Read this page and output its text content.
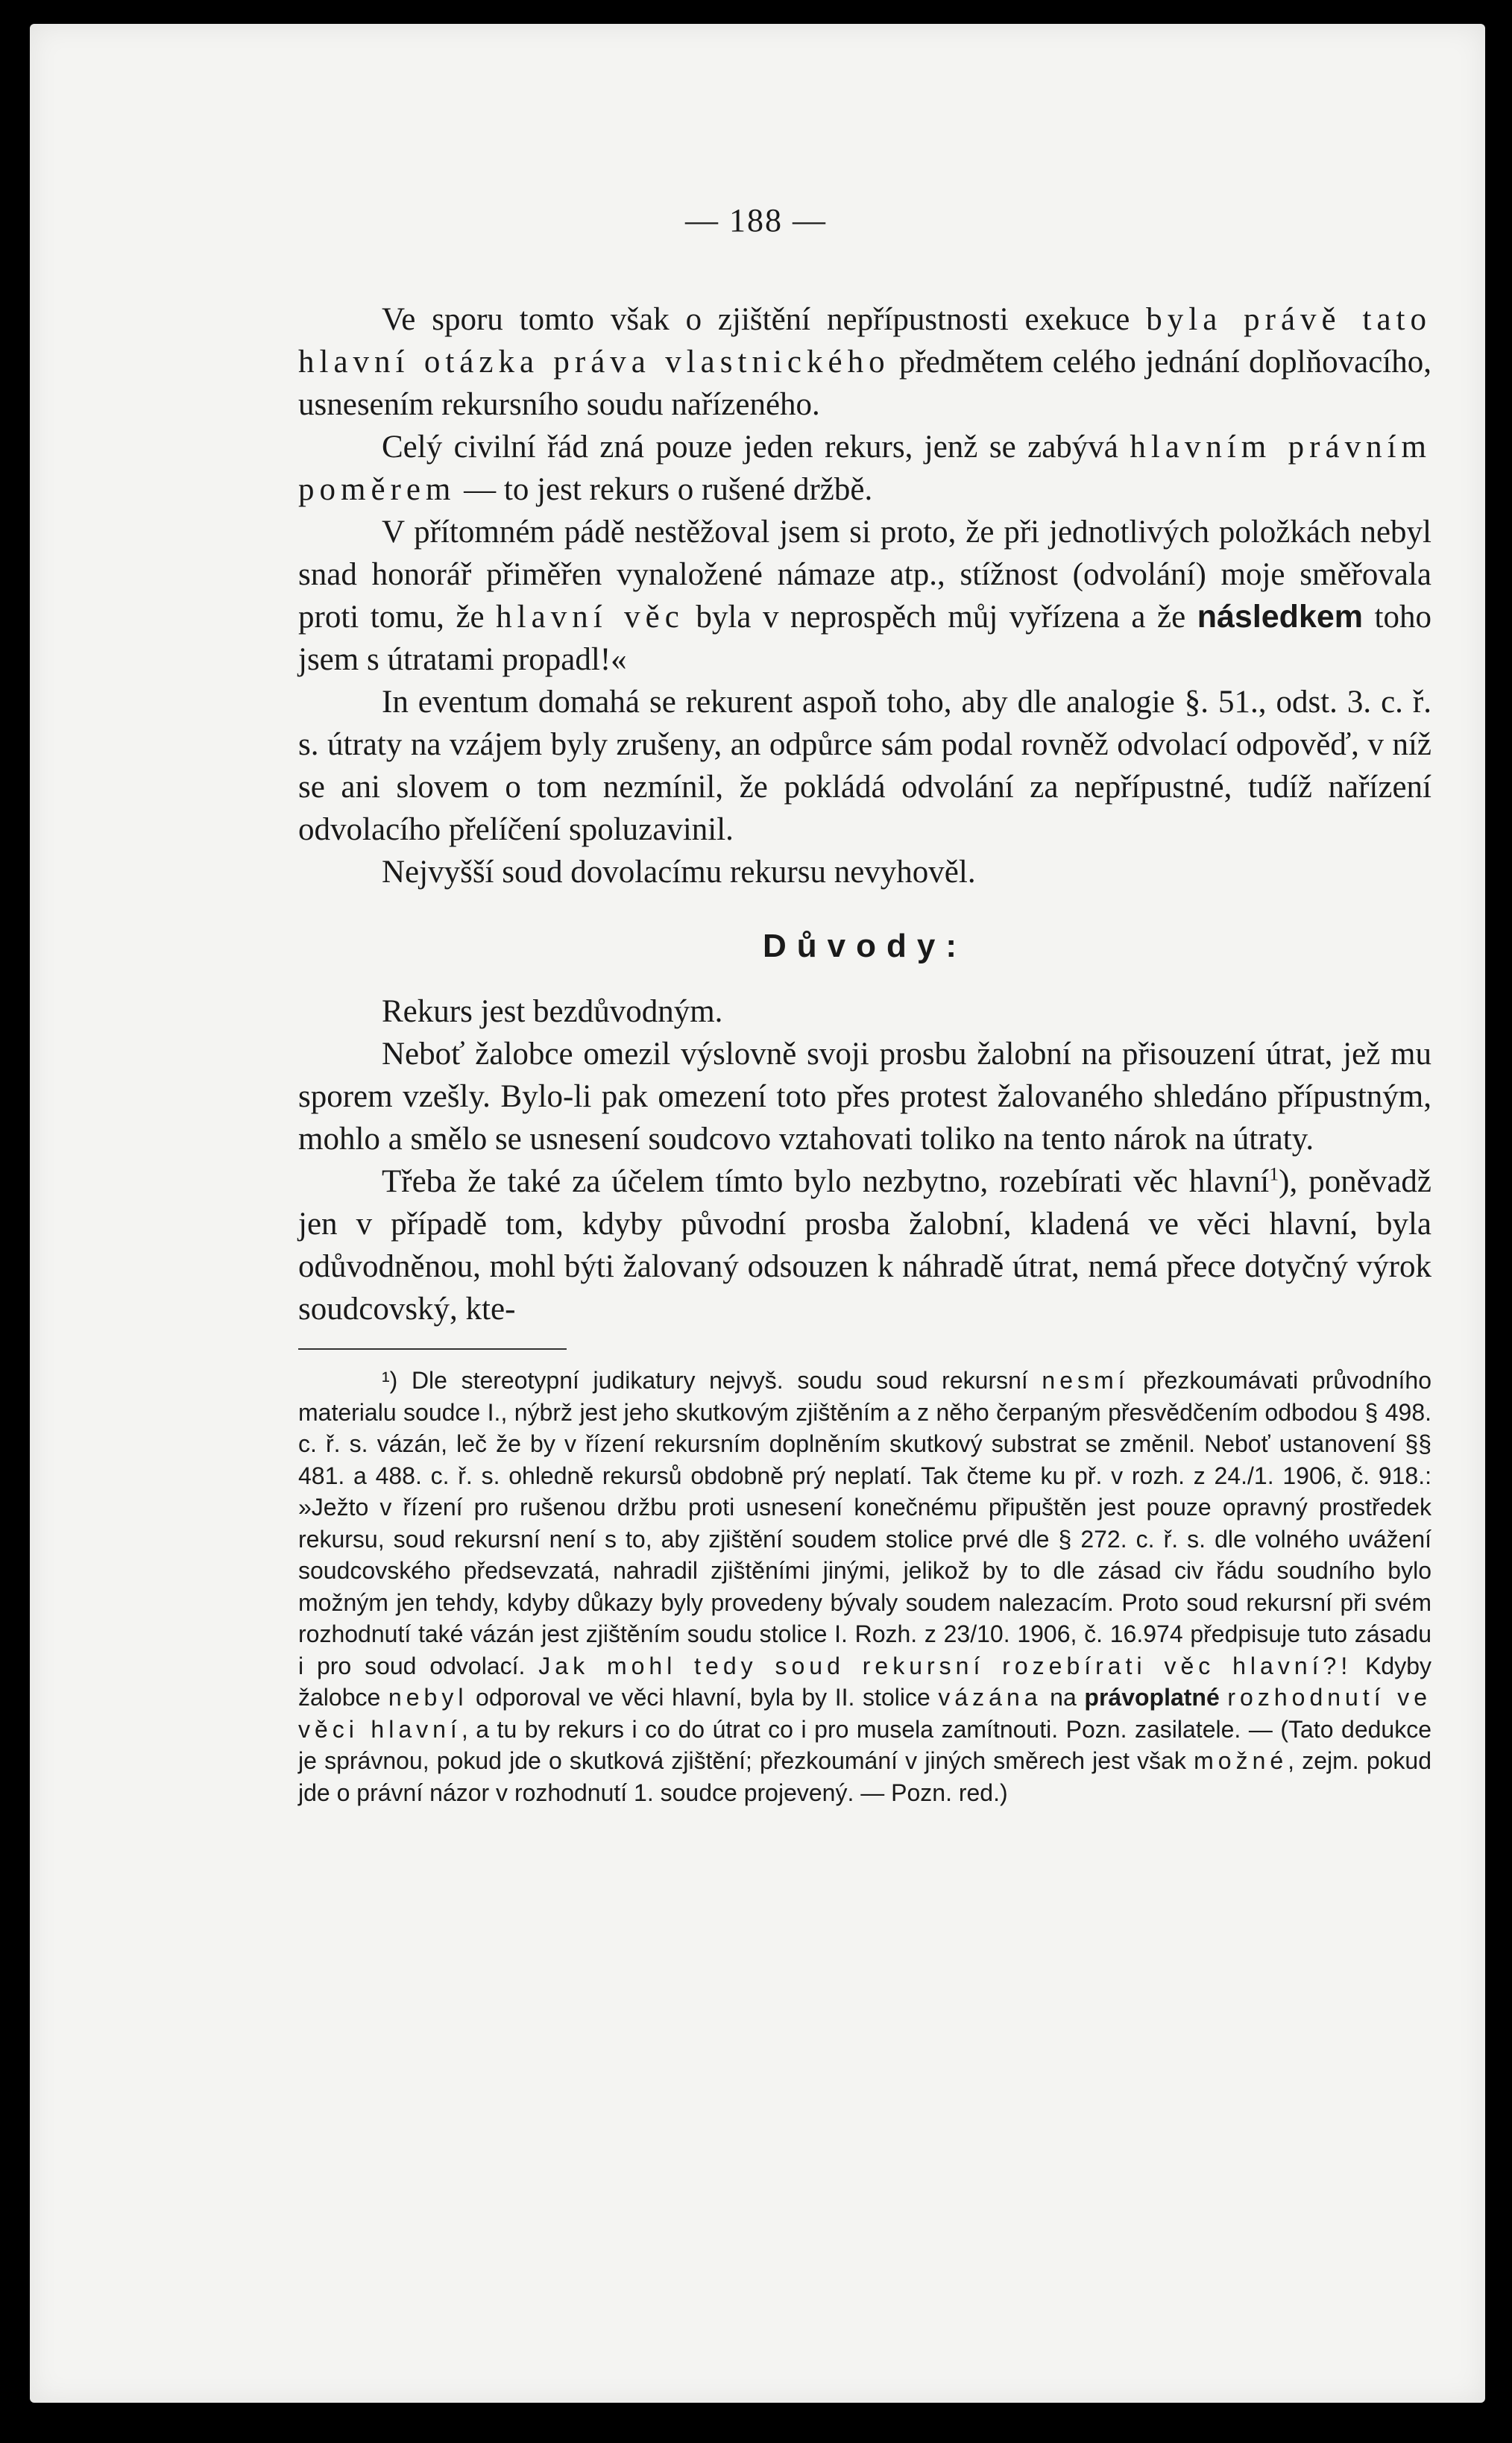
— 188 —

Ve sporu tomto však o zjištění nepřípustnosti exekuce byla právě tato hlavní otázka práva vlastnického předmětem celého jednání doplňovacího, usnesením rekursního soudu nařízeného.

Celý civilní řád zná pouze jeden rekurs, jenž se zabývá hlavním právním poměrem — to jest rekurs o rušené držbě.

V přítomném pádě nestěžoval jsem si proto, že při jednotlivých položkách nebyl snad honorář přiměřen vynaložené námaze atp., stížnost (odvolání) moje směřovala proti tomu, že hlavní věc byla v neprospěch můj vyřízena a že následkem toho jsem s útratami propadl!«

In eventum domahá se rekurent aspoň toho, aby dle analogie §. 51., odst. 3. c. ř. s. útraty na vzájem byly zrušeny, an odpůrce sám podal rovněž odvolací odpověď, v níž se ani slovem o tom nezmínil, že pokládá odvolání za nepřípustné, tudíž nařízení odvolacího přelíčení spoluzavinil.

Nejvyšší soud dovolacímu rekursu nevyhověl.

Důvody:

Rekurs jest bezdůvodným.

Neboť žalobce omezil výslovně svoji prosbu žalobní na přisouzení útrat, jež mu sporem vzešly. Bylo-li pak omezení toto přes protest žalovaného shledáno přípustným, mohlo a smělo se usnesení soudcovo vztahovati toliko na tento nárok na útraty.

Třeba že také za účelem tímto bylo nezbytno, rozebírati věc hlavní$^1$), poněvadž jen v případě tom, kdyby původní prosba žalobní, kladená ve věci hlavní, byla odůvodněnou, mohl býti žalovaný odsouzen k náhradě útrat, nemá přece dotyčný výrok soudcovský, kte-

¹) Dle stereotypní judikatury nejvyš. soudu soud rekursní nesmí přezkoumávati průvodního materialu soudce I., nýbrž jest jeho skutkovým zjištěním a z něho čerpaným přesvědčením odbodou § 498. c. ř. s. vázán, leč že by v řízení rekursním doplněním skutkový substrat se změnil. Neboť ustanovení §§ 481. a 488. c. ř. s. ohledně rekursů obdobně prý neplatí. Tak čteme ku př. v rozh. z 24./1. 1906, č. 918.: »Ježto v řízení pro rušenou držbu proti usnesení konečnému připuštěn jest pouze opravný prostředek rekursu, soud rekursní není s to, aby zjištění soudem stolice prvé dle § 272. c. ř. s. dle volného uvážení soudcovského předsevzatá, nahradil zjištěními jinými, jelikož by to dle zásad civ řádu soudního bylo možným jen tehdy, kdyby důkazy byly provedeny bývaly soudem nalezacím. Proto soud rekursní při svém rozhodnutí také vázán jest zjištěním soudu stolice I. Rozh. z 23/10. 1906, č. 16.974 předpisuje tuto zásadu i pro soud odvolací. Jak mohl tedy soud rekursní rozebírati věc hlavní?! Kdyby žalobce nebyl odporoval ve věci hlavní, byla by II. stolice vázána na právoplatné rozhodnutí ve věci hlavní, a tu by rekurs i co do útrat co i pro musela zamítnouti. Pozn. zasilatele. — (Tato dedukce je správnou, pokud jde o skutková zjištění; přezkoumání v jiných směrech jest však možné, zejm. pokud jde o právní názor v rozhodnutí 1. soudce projevený. — Pozn. red.)
